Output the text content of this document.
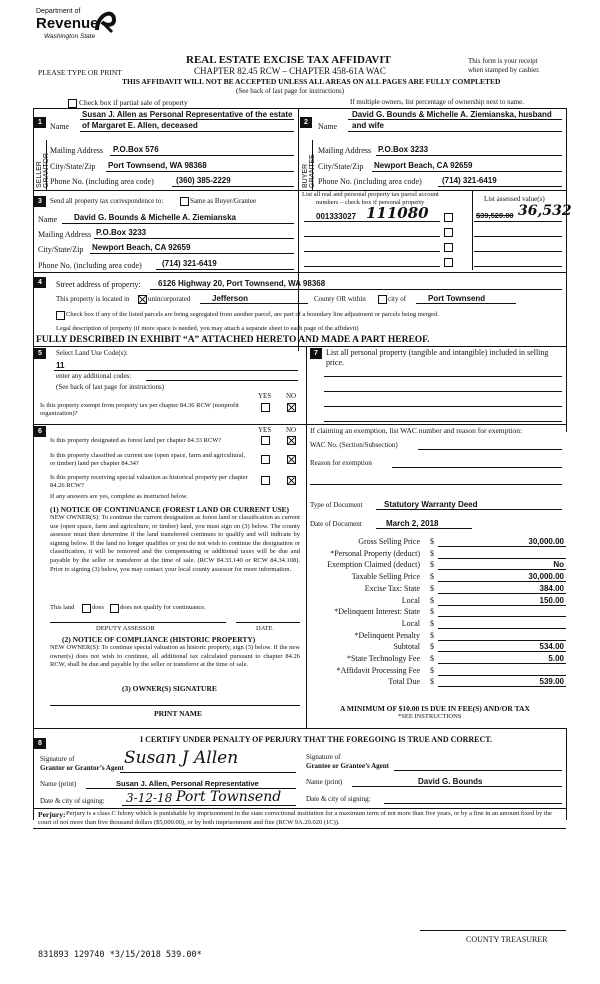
Department of
Revenue
Washington State
REAL ESTATE EXCISE TAX AFFIDAVIT	This form is your receipt
PLEASE TYPE OR PRINT	CHAPTER 82.45 RCW – CHAPTER 458-61A WAC	when stamped by cashier.
THIS AFFIDAVIT WILL NOT BE ACCEPTED UNLESS ALL AREAS ON ALL PAGES ARE FULLY COMPLETED
(See back of last page for instructions)
Check box if partial sale of property	If multiple owners, list percentage of ownership next to name.
1
SELLER GRANTOR
Susan J. Allen as Personal Representative of the estate
Name of Margaret E. Allen, deceased
Mailing Address P.O.Box 576
City/State/Zip Port Townsend, WA 98368
Phone No. (including area code)	(360) 385-2229
2
BUYER GRANTEE
David G. Bounds & Michelle A. Ziemianska, husband
Name and wife
Mailing Address P.O.Box 3233
City/State/Zip Newport Beach, CA 92659
Phone No. (including area code)	(714) 321-6419
3	Send all property tax correspondence to:	Same as Buyer/Grantee
Name David G. Bounds & Michelle A. Ziemianska
Mailing Address P.O.Box 3233
City/State/Zip Newport Beach, CA 92659
Phone No. (including area code)	(714) 321-6419
List all real and personal property tax parcel account
numbers – check box if personal property	List assessed value(s)
001333027 111080	$39,520.00 36,532
4	Street address of property: 6126 Highway 20, Port Townsend, WA 98368
This property is located in	unincorporated	Jefferson	County OR within	city of	Port Townsend
Check box if any of the listed parcels are being segregated from another parcel, are part of a boundary line adjustment or parcels being merged.
Legal description of property (if more space is needed, you may attach a separate sheet to each page of the affidavit)
FULLY DESCRIBED IN EXHIBIT “A” ATTACHED HERETO AND MADE A PART HEREOF.
5	Select Land Use Code(s):
11
enter any additional codes:
(See back of last page for instructions)
YES NO
Is this property exempt from property tax per chapter 84.36 RCW (nonprofit organization)?
7	List all personal property (tangible and intangible) included in selling price.
6	YES NO
Is this property designated as forest land per chapter 84.33 RCW?
Is this property classified as current use (open space, farm and agricultural, or timber) land per chapter 84.34?
Is this property receiving special valuation as historical property per chapter 84.26 RCW?
If any answers are yes, complete as instructed below.
(1) NOTICE OF CONTINUANCE (FOREST LAND OR CURRENT USE)
NEW OWNER(S): To continue the current designation as forest land or classification as current use (open space, farm and agriculture, or timber) land, you must sign on (3) below. The county assessor must then determine if the land transferred continues to qualify and will indicate by signing below. If the land no longer qualifies or you do not wish to continue the designation or classification, it will be removed and the compensating or additional taxes will be due and payable by the seller or transferor at the time of sale. (RCW 84.33.140 or RCW 84.34.108). Prior to signing (3) below, you may contact your local county assessor for more information.
This land	does does not qualify for continuance.
DEPUTY ASSESSOR	DATE
(2) NOTICE OF COMPLIANCE (HISTORIC PROPERTY)
NEW OWNER(S): To continue special valuation as historic property, sign (3) below. If the new owner(s) does not wish to continue, all additional tax calculated pursuant to chapter 84.26 RCW, shall be due and payable by the seller or transferor at the time of sale.
(3) OWNER(S) SIGNATURE
PRINT NAME
If claiming an exemption, list WAC number and reason for exemption:
WAC No. (Section/Subsection)
Reason for exemption
Type of Document	Statutory Warranty Deed
Date of Document	March 2, 2018
Gross Selling Price $	30,000.00
*Personal Property (deduct) $
Exemption Claimed (deduct) $	No
Taxable Selling Price $	30,000.00
Excise Tax: State $	384.00
Local $	150.00
*Delinquent Interest: State $
Local $
*Delinquent Penalty $
Subtotal $	534.00
*State Technology Fee $	5.00
*Affidavit Processing Fee $
Total Due $	539.00
A MINIMUM OF $10.00 IS DUE IN FEE(S) AND/OR TAX
*SEE INSTRUCTIONS
8	I CERTIFY UNDER PENALTY OF PERJURY THAT THE FOREGOING IS TRUE AND CORRECT.
Signature of
Grantor or Grantor’s Agent Susan J Allen	Signature of
Grantee or Grantee’s Agent
Name (print)	Susan J. Allen, Personal Representative	Name (print)	David G. Bounds
Date & city of signing: 3-12-18 Port Townsend	Date & city of signing:
Perjury: Perjury is a class C felony which is punishable by imprisonment in the state correctional institution for a maximum term of not more than five years, or by a fine in an amount fixed by the court of not more than five thousand dollars ($5,000.00), or by both imprisonment and fine (RCW 9A.20.020 (1C)).
COUNTY TREASURER
831893 129740 *3/15/2018 539.00*
